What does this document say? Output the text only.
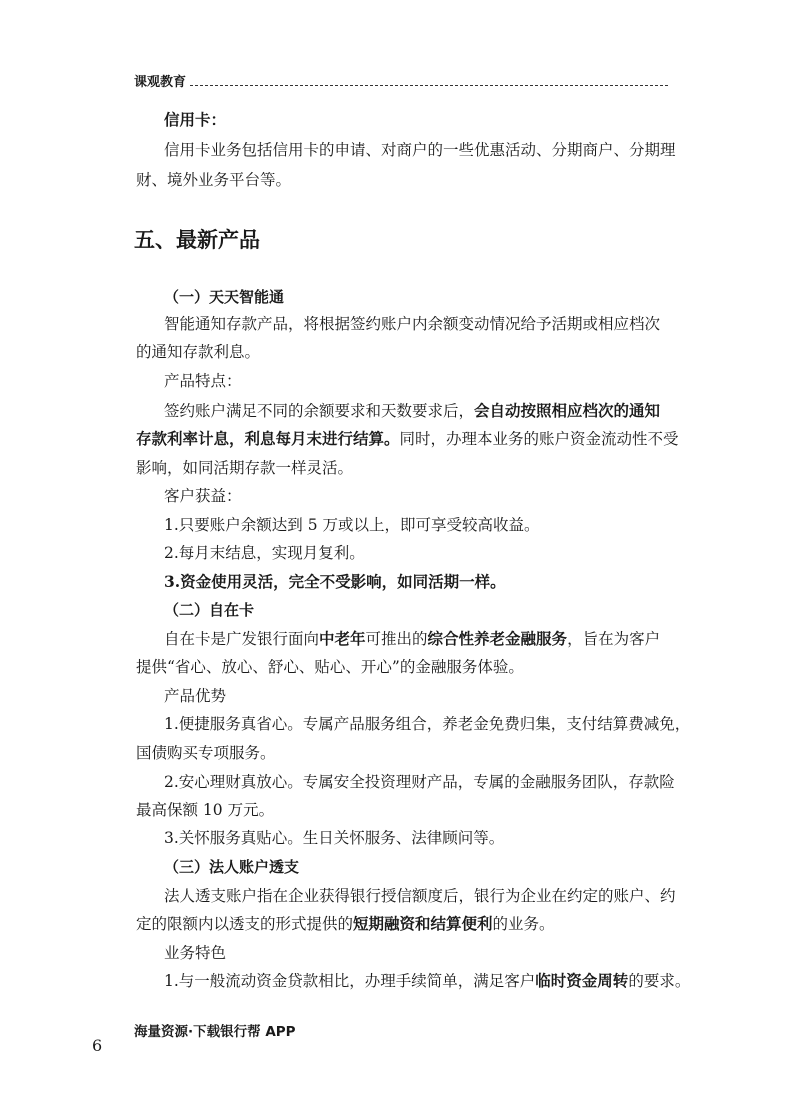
课观教育
信用卡：
信用卡业务包括信用卡的申请、对商户的一些优惠活动、分期商户、分期理
财、境外业务平台等。
五、最新产品
（一）天天智能通
智能通知存款产品，将根据签约账户内余额变动情况给予活期或相应档次
的通知存款利息。
产品特点：
签约账户满足不同的余额要求和天数要求后，会自动按照相应档次的通知
存款利率计息，利息每月末进行结算。同时，办理本业务的账户资金流动性不受
影响，如同活期存款一样灵活。
客户获益：
1.只要账户余额达到 5 万或以上，即可享受较高收益。
2.每月末结息，实现月复利。
3.资金使用灵活，完全不受影响，如同活期一样。
（二）自在卡
自在卡是广发银行面向中老年可推出的综合性养老金融服务，旨在为客户
提供“省心、放心、舒心、贴心、开心”的金融服务体验。
产品优势
1.便捷服务真省心。专属产品服务组合，养老金免费归集，支付结算费减免，
国债购买专项服务。
2.安心理财真放心。专属安全投资理财产品，专属的金融服务团队，存款险
最高保额 10 万元。
3.关怀服务真贴心。生日关怀服务、法律顾问等。
（三）法人账户透支
法人透支账户指在企业获得银行授信额度后，银行为企业在约定的账户、约
定的限额内以透支的形式提供的短期融资和结算便利的业务。
业务特色
1.与一般流动资金贷款相比，办理手续简单，满足客户临时资金周转的要求。
海量资源·下载银行帮 APP
6
